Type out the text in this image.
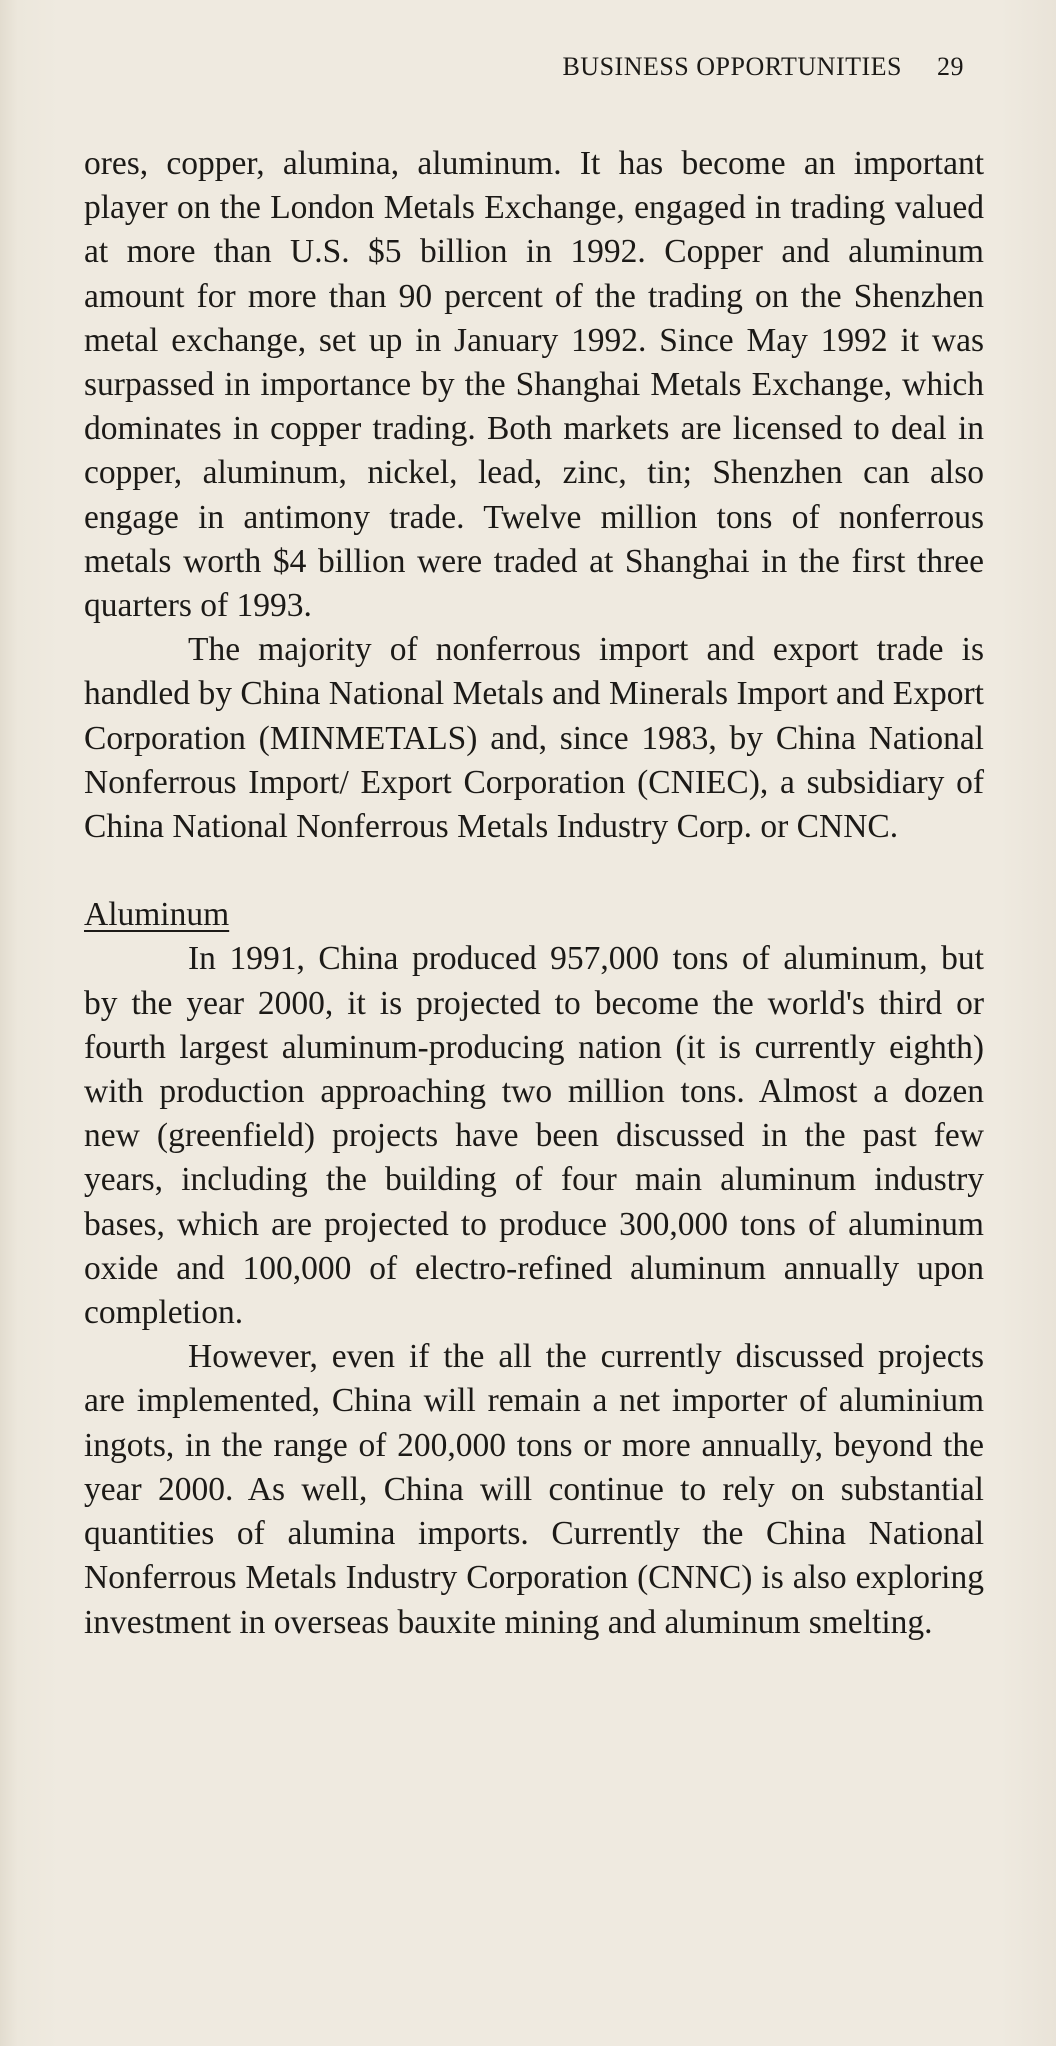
BUSINESS OPPORTUNITIES 29

ores, copper, alumina, aluminum. It has become an important player on the London Metals Exchange, engaged in trading valued at more than U.S. $5 billion in 1992. Copper and aluminum amount for more than 90 percent of the trading on the Shenzhen metal exchange, set up in January 1992. Since May 1992 it was surpassed in importance by the Shanghai Metals Exchange, which dominates in copper trading. Both markets are licensed to deal in copper, aluminum, nickel, lead, zinc, tin; Shenzhen can also engage in antimony trade. Twelve million tons of nonferrous metals worth $4 billion were traded at Shanghai in the first three quarters of 1993.

The majority of nonferrous import and export trade is handled by China National Metals and Minerals Import and Export Corporation (MINMETALS) and, since 1983, by China National Nonferrous Import/ Export Corporation (CNIEC), a subsidiary of China National Nonferrous Metals Industry Corp. or CNNC.

Aluminum

In 1991, China produced 957,000 tons of aluminum, but by the year 2000, it is projected to become the world's third or fourth largest aluminum-producing nation (it is currently eighth) with production approaching two million tons. Almost a dozen new (greenfield) projects have been discussed in the past few years, including the building of four main aluminum industry bases, which are projected to produce 300,000 tons of aluminum oxide and 100,000 of electro-refined aluminum annually upon completion.

However, even if the all the currently discussed projects are implemented, China will remain a net importer of aluminium ingots, in the range of 200,000 tons or more annually, beyond the year 2000. As well, China will continue to rely on substantial quantities of alumina imports. Currently the China National Nonferrous Metals Industry Corporation (CNNC) is also exploring investment in overseas bauxite mining and aluminum smelting.
